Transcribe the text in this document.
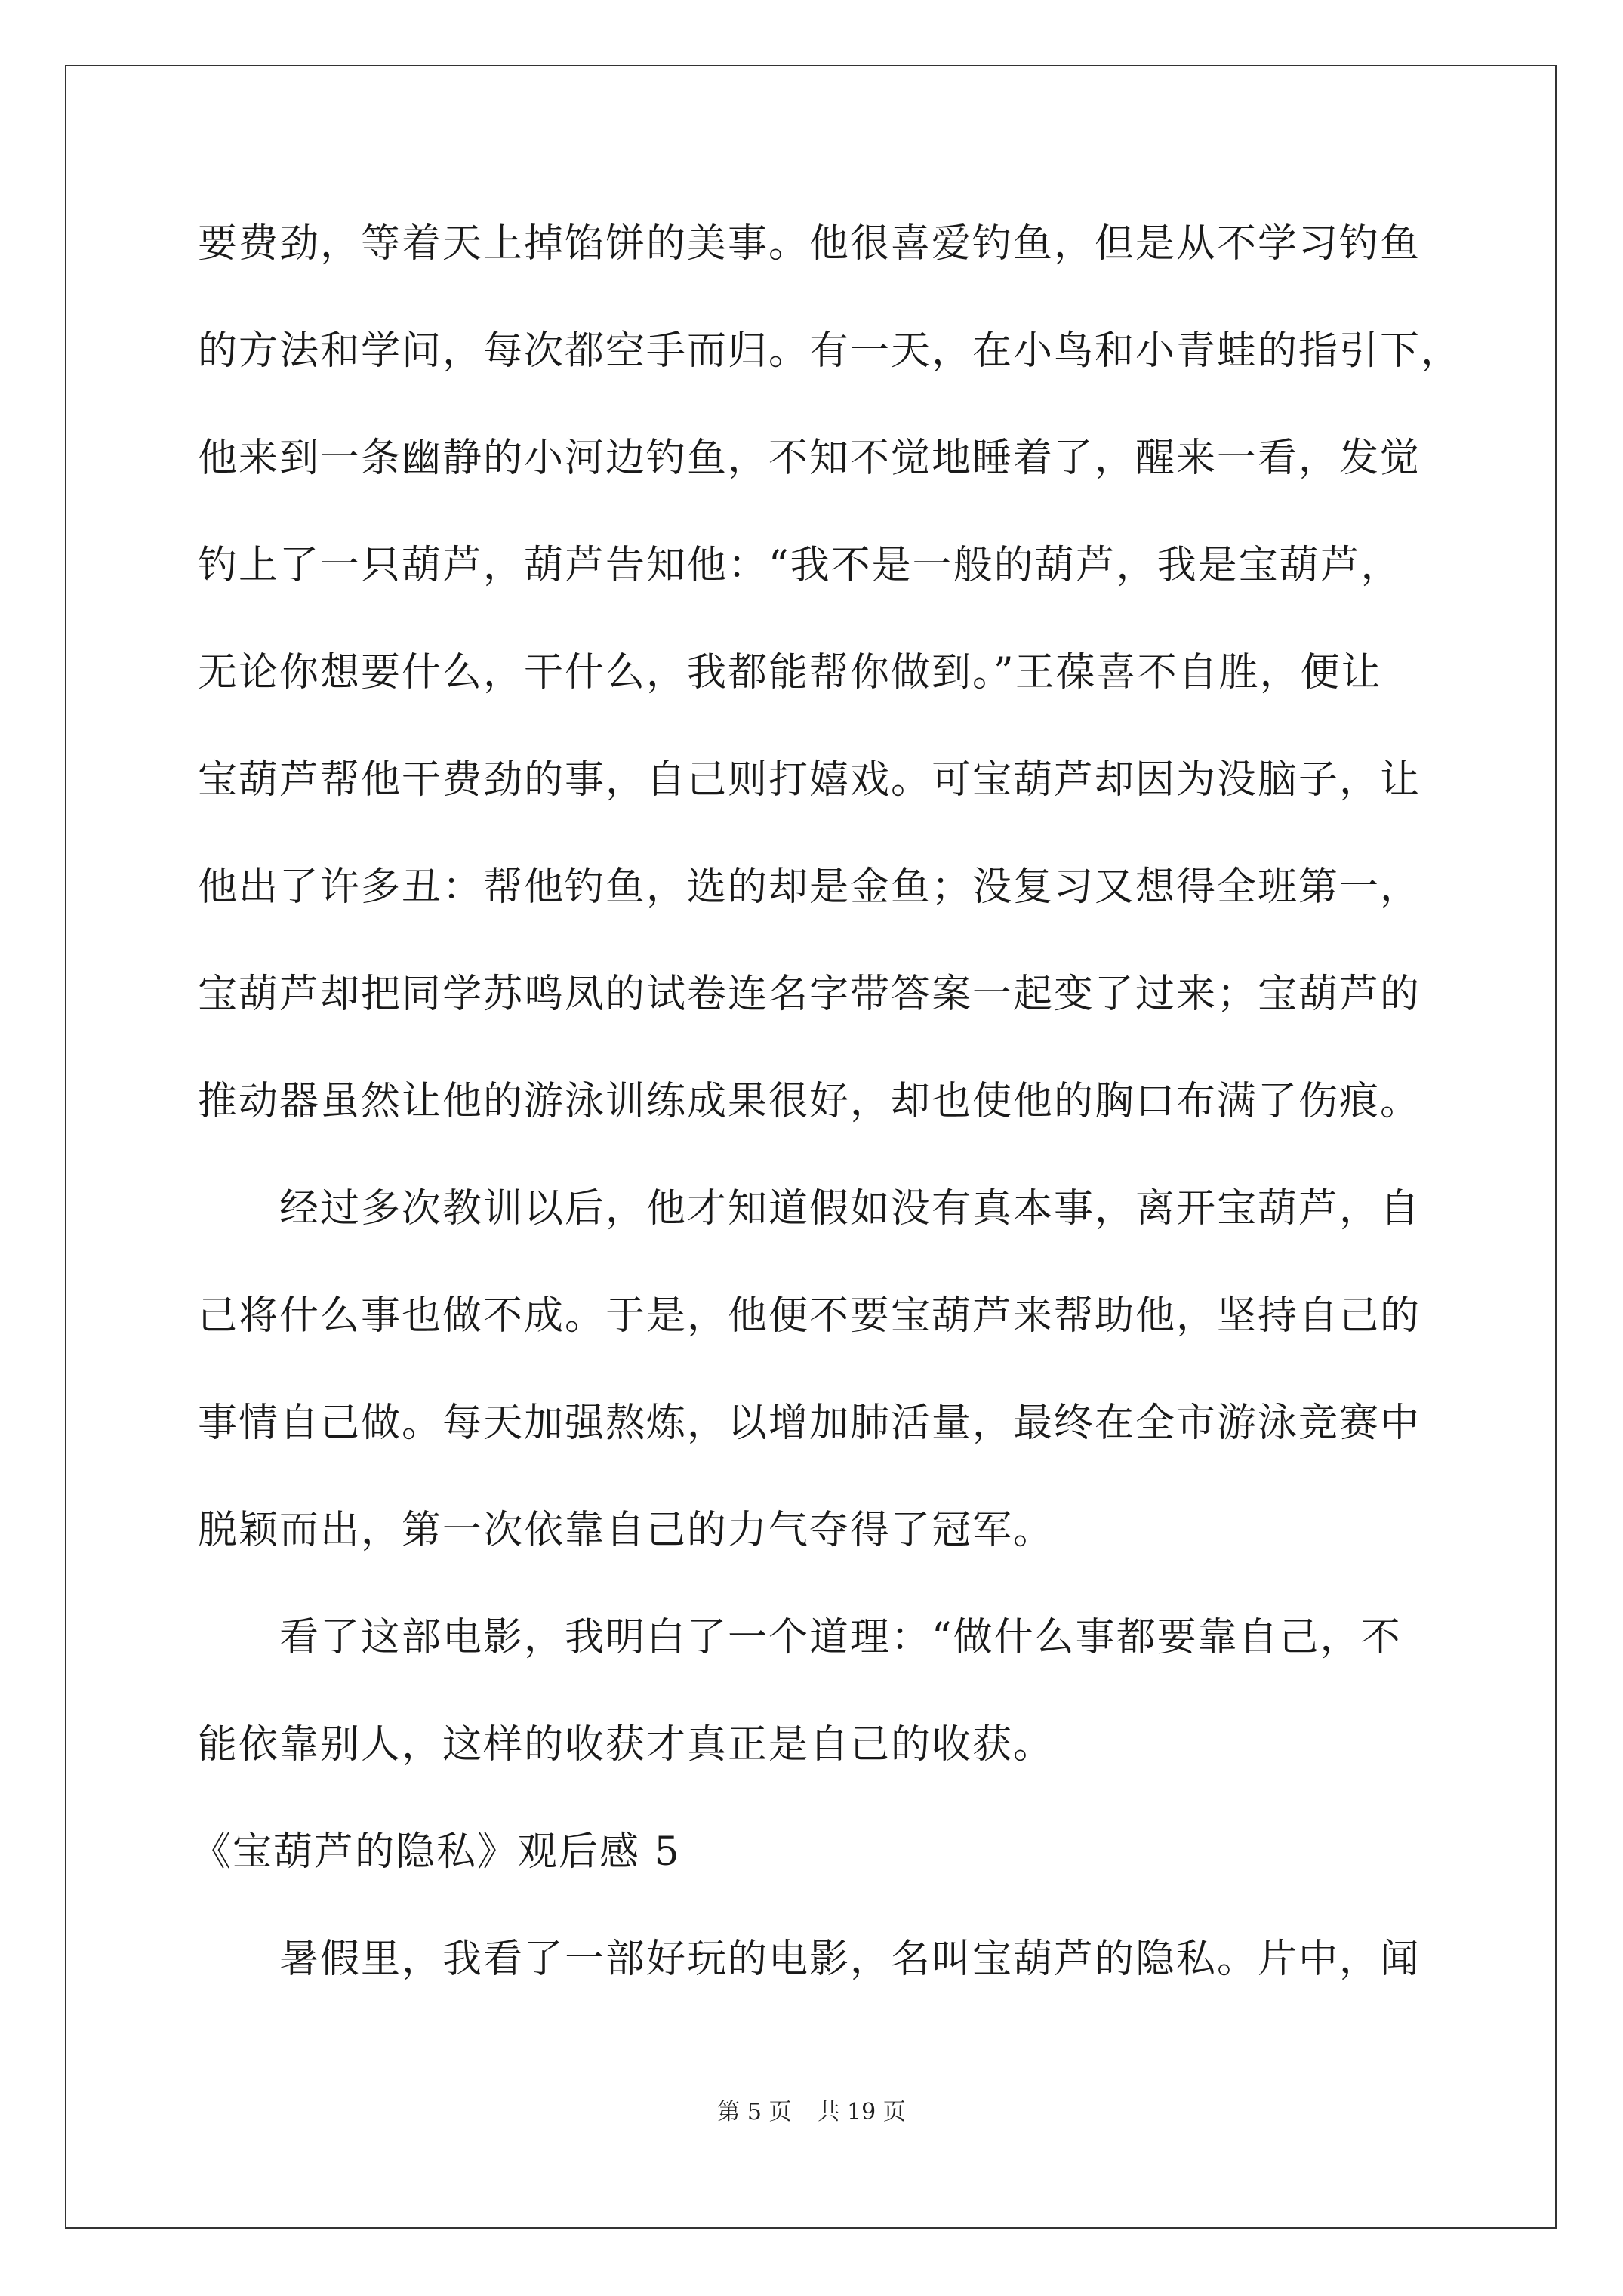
要费劲，等着天上掉馅饼的美事。他很喜爱钓鱼，但是从不学习钓鱼
的方法和学问，每次都空手而归。有一天，在小鸟和小青蛙的指引下，
他来到一条幽静的小河边钓鱼，不知不觉地睡着了，醒来一看，发觉
钓上了一只葫芦，葫芦告知他：“我不是一般的葫芦，我是宝葫芦，
无论你想要什么，干什么，我都能帮你做到。”王葆喜不自胜，便让
宝葫芦帮他干费劲的事，自己则打嬉戏。可宝葫芦却因为没脑子，让
他出了许多丑：帮他钓鱼，选的却是金鱼；没复习又想得全班第一，
宝葫芦却把同学苏鸣凤的试卷连名字带答案一起变了过来；宝葫芦的
推动器虽然让他的游泳训练成果很好，却也使他的胸口布满了伤痕。
经过多次教训以后，他才知道假如没有真本事，离开宝葫芦，自
己将什么事也做不成。于是，他便不要宝葫芦来帮助他，坚持自己的
事情自己做。每天加强熬炼，以增加肺活量，最终在全市游泳竞赛中
脱颖而出，第一次依靠自己的力气夺得了冠军。
看了这部电影，我明白了一个道理：“做什么事都要靠自己，不
能依靠别人，这样的收获才真正是自己的收获。
《宝葫芦的隐私》观后感 5
暑假里，我看了一部好玩的电影，名叫宝葫芦的隐私。片中，闻
第 5 页 共 19 页
